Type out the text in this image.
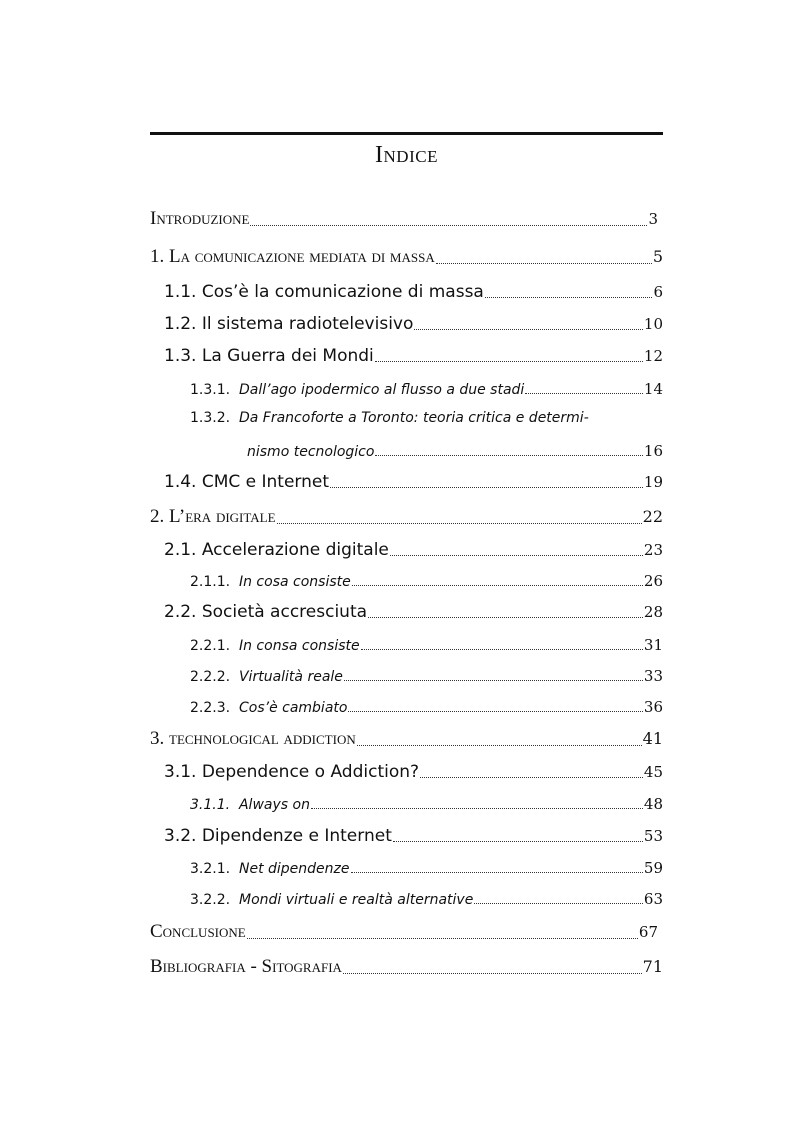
Indice
Introduzione	3
1. La comunicazione mediata di massa	5
1.1. Cos’è la comunicazione di massa	6
1.2. Il sistema radiotelevisivo	10
1.3. La Guerra dei Mondi	12
1.3.1. Dall’ago ipodermico al flusso a due stadi	14
1.3.2. Da Francoforte a Toronto: teoria critica e determi-
nismo tecnologico	16
1.4. CMC e Internet	19
2. L’era digitale	22
2.1. Accelerazione digitale	23
2.1.1. In cosa consiste	26
2.2. Società accresciuta	28
2.2.1. In consa consiste	31
2.2.2. Virtualità reale	33
2.2.3. Cos’è cambiato	36
3. technological addiction	41
3.1. Dependence o Addiction?	45
3.1.1. Always on	48
3.2. Dipendenze e Internet	53
3.2.1. Net dipendenze	59
3.2.2. Mondi virtuali e realtà alternative	63
Conclusione	67
Bibliografia - Sitografia	71
